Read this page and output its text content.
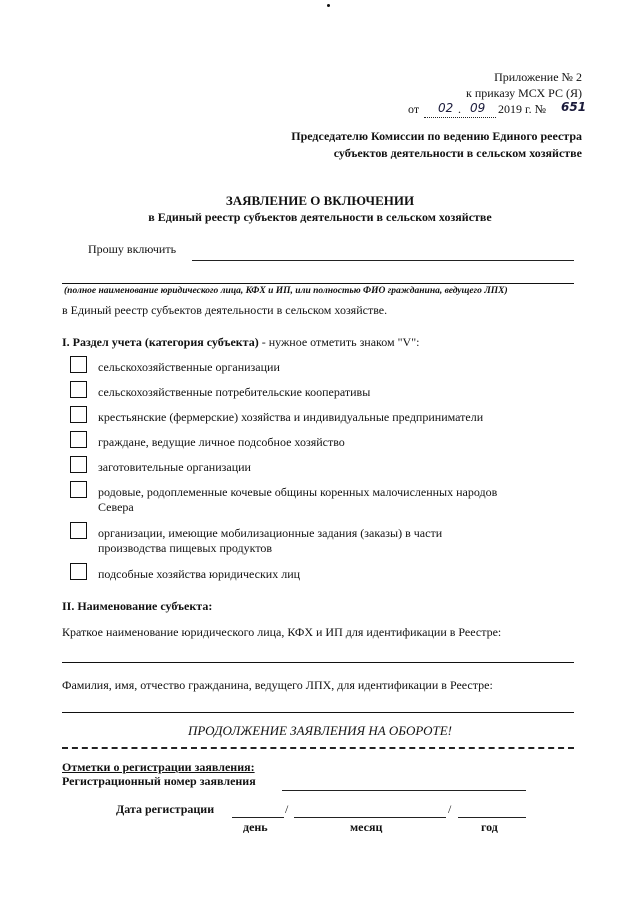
Приложение № 2
к приказу МСХ РС (Я)
от 02 . 09 2019 г. № 651
Председателю Комиссии по ведению Единого реестра
субъектов деятельности в сельском хозяйстве
ЗАЯВЛЕНИЕ О ВКЛЮЧЕНИИ
в Единый реестр субъектов деятельности в сельском хозяйстве
Прошу включить
(полное наименование юридического лица, КФХ и ИП, или полностью ФИО гражданина, ведущего ЛПХ)
в Единый реестр субъектов деятельности в сельском хозяйстве.
I. Раздел учета (категория субъекта) - нужное отметить знаком "V":
сельскохозяйственные организации
сельскохозяйственные потребительские кооперативы
крестьянские (фермерские) хозяйства и индивидуальные предприниматели
граждане, ведущие личное подсобное хозяйство
заготовительные организации
родовые, родоплеменные кочевые общины коренных малочисленных народов
Севера
организации, имеющие мобилизационные задания (заказы) в части
производства пищевых продуктов
подсобные хозяйства юридических лиц
II. Наименование субъекта:
Краткое наименование юридического лица, КФХ и ИП для идентификации в Реестре:
Фамилия, имя, отчество гражданина, ведущего ЛПХ, для идентификации в Реестре:
ПРОДОЛЖЕНИЕ ЗАЯВЛЕНИЯ НА ОБОРОТЕ!
Отметки о регистрации заявления:
Регистрационный номер заявления
Дата регистрации	/	/
день	месяц	год
